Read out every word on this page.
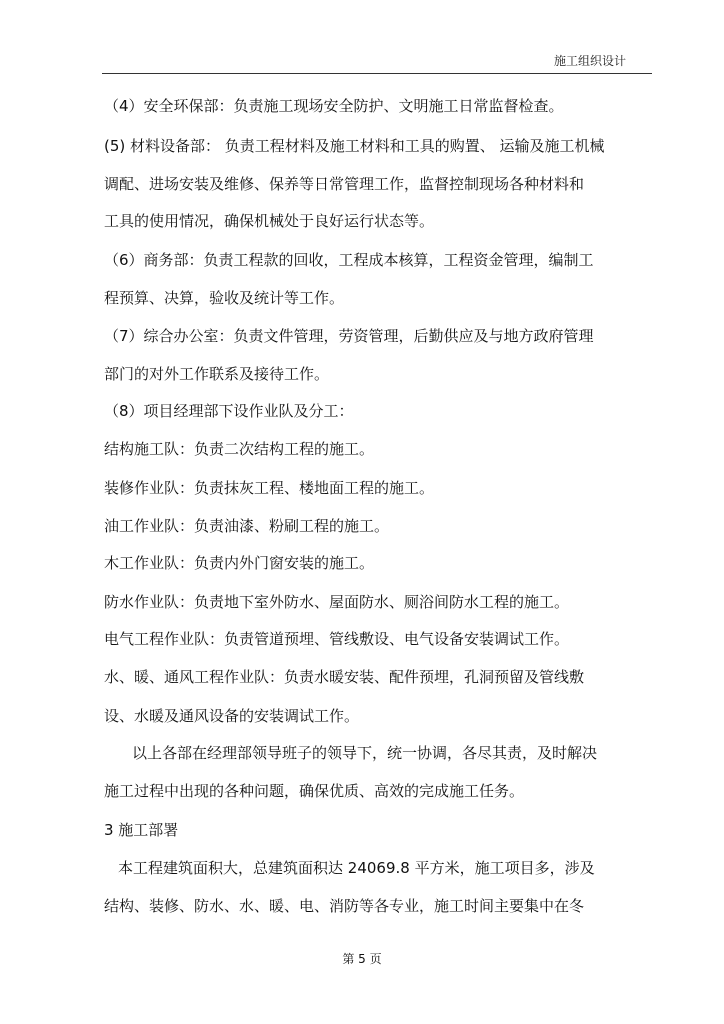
施工组织设计
（4）安全环保部：负责施工现场安全防护、文明施工日常监督检查。
(5) 材料设备部： 负责工程材料及施工材料和工具的购置、 运输及施工机械
调配、进场安装及维修、保养等日常管理工作，监督控制现场各种材料和
工具的使用情况，确保机械处于良好运行状态等。
（6）商务部：负责工程款的回收，工程成本核算，工程资金管理，编制工
程预算、决算，验收及统计等工作。
（7）综合办公室：负责文件管理，劳资管理，后勤供应及与地方政府管理
部门的对外工作联系及接待工作。
（8）项目经理部下设作业队及分工：
结构施工队：负责二次结构工程的施工。
装修作业队：负责抹灰工程、楼地面工程的施工。
油工作业队：负责油漆、粉刷工程的施工。
木工作业队：负责内外门窗安装的施工。
防水作业队：负责地下室外防水、屋面防水、厕浴间防水工程的施工。
电气工程作业队：负责管道预埋、管线敷设、电气设备安装调试工作。
水、暖、通风工程作业队：负责水暖安装、配件预埋，孔洞预留及管线敷
设、水暖及通风设备的安装调试工作。
以上各部在经理部领导班子的领导下，统一协调，各尽其责，及时解决
施工过程中出现的各种问题，确保优质、高效的完成施工任务。
3 施工部署
本工程建筑面积大，总建筑面积达 24069.8 平方米，施工项目多，涉及
结构、装修、防水、水、暖、电、消防等各专业，施工时间主要集中在冬
第 5 页
